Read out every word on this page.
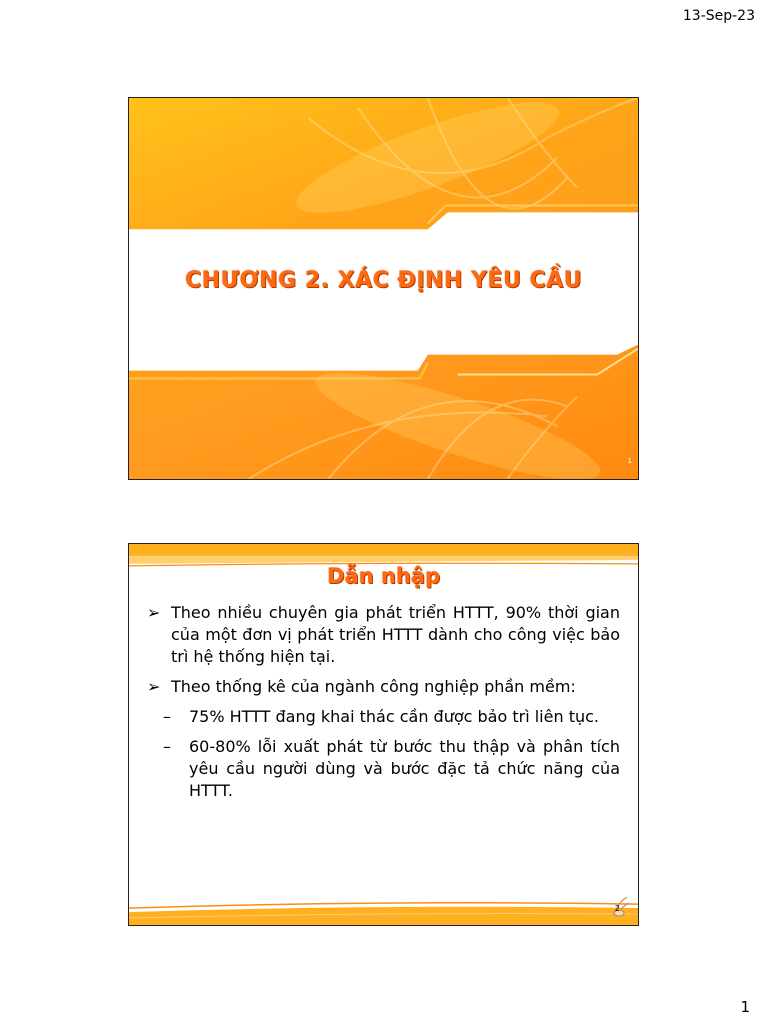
13-Sep-23
CHƯƠNG 2. XÁC ĐỊNH YÊU CẦU
1
Dẫn nhập
➢ Theo nhiều chuyên gia phát triển HTTT, 90% thời gian của một đơn vị phát triển HTTT dành cho công việc bảo trì hệ thống hiện tại.
➢ Theo thống kê của ngành công nghiệp phần mềm:
– 75% HTTT đang khai thác cần được bảo trì liên tục.
– 60-80% lỗi xuất phát từ bước thu thập và phân tích yêu cầu người dùng và bước đặc tả chức năng của HTTT.
2
1
